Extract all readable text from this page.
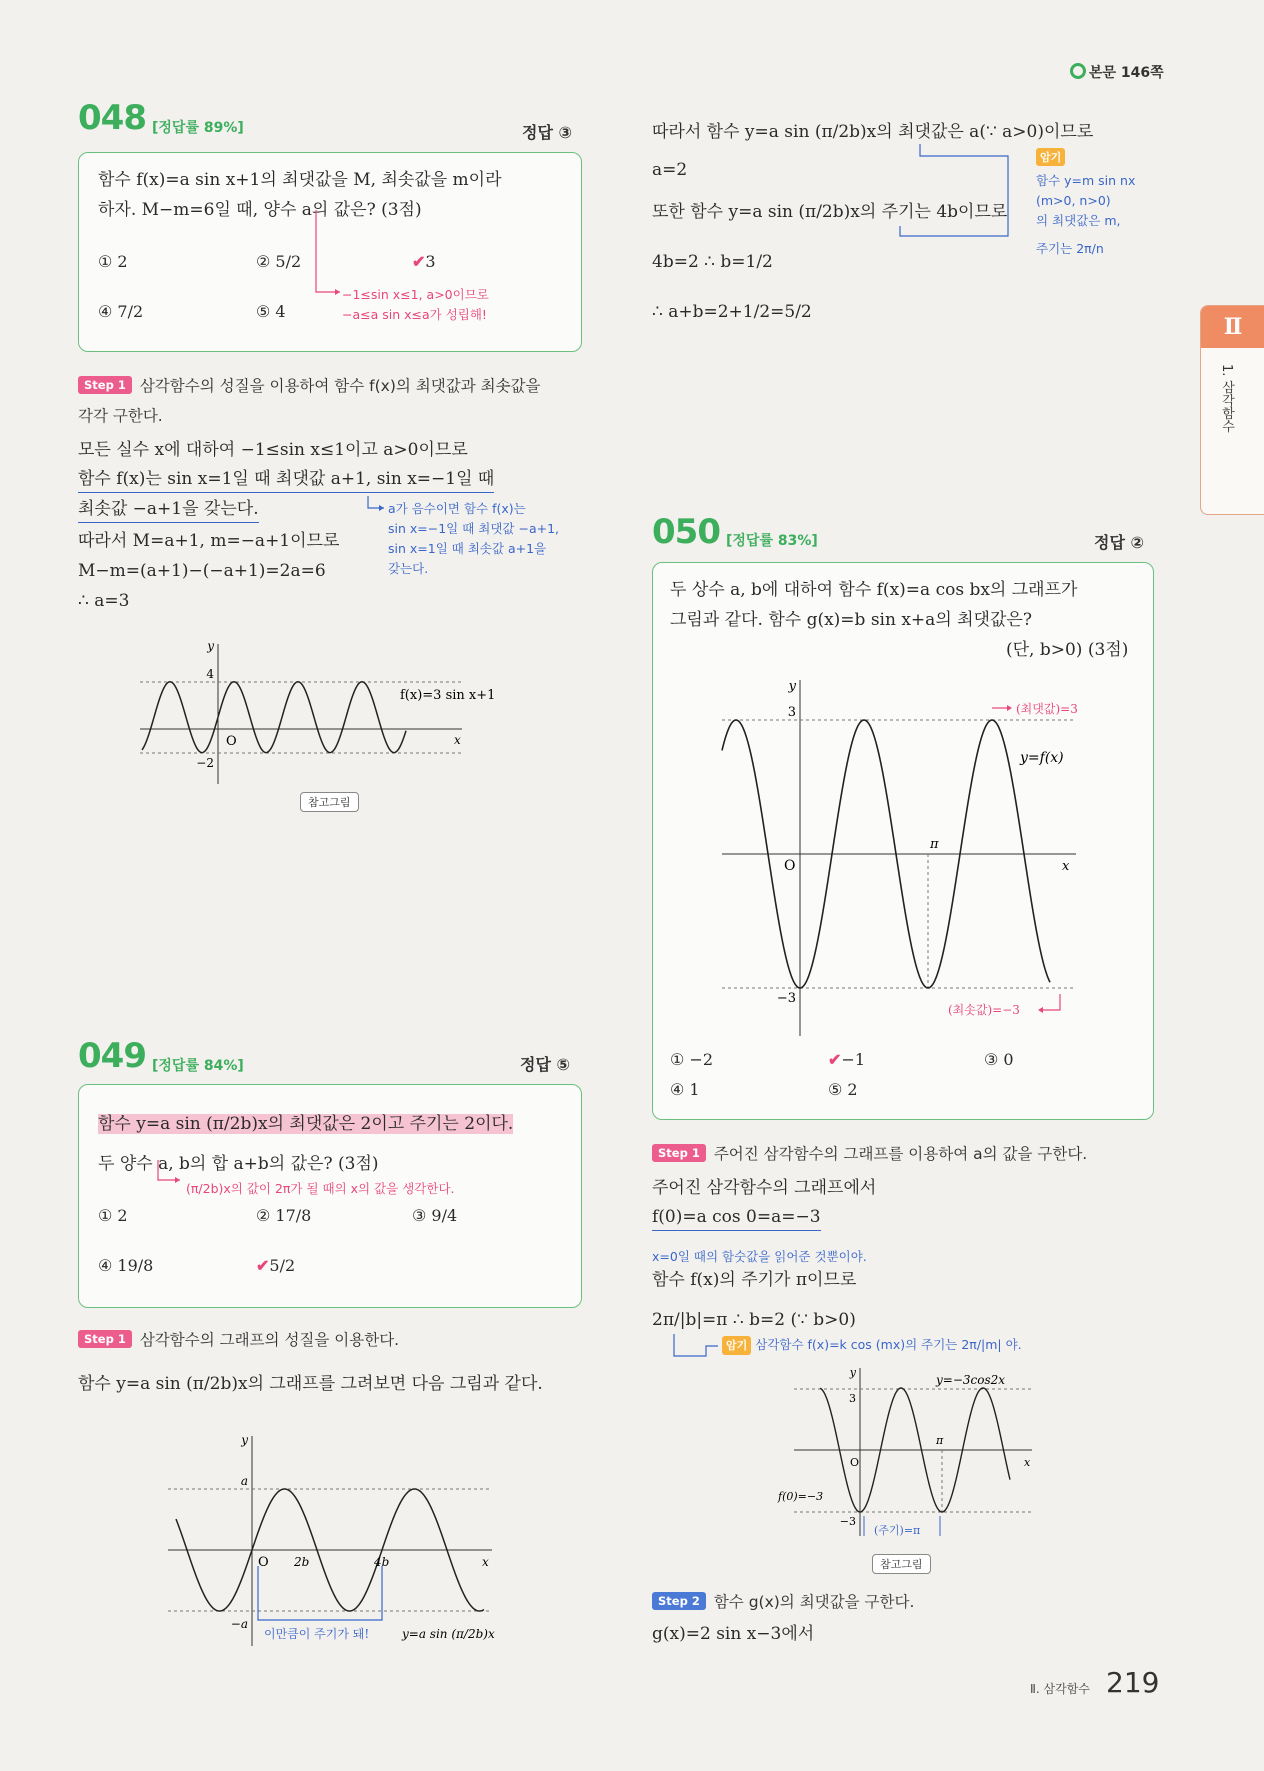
본문 146쪽
Ⅱ
1. 삼각함수
048 [정답률 89%]	정답 ③
함수 f(x)=a sin x+1의 최댓값을 M, 최솟값을 m이라
하자. M−m=6일 때, 양수 a의 값은? (3점)
① 2	② 5/2	✔3
④ 7/2	⑤ 4
−1≤sin x≤1, a>0이므로
−a≤a sin x≤a가 성립해!
Step 1 삼각함수의 성질을 이용하여 함수 f(x)의 최댓값과 최솟값을
각각 구한다.
모든 실수 x에 대하여 −1≤sin x≤1이고 a>0이므로
함수 f(x)는 sin x=1일 때 최댓값 a+1, sin x=−1일 때
최솟값 −a+1을 갖는다.
따라서 M=a+1, m=−a+1이므로
M−m=(a+1)−(−a+1)=2a=6
∴ a=3
a가 음수이면 함수 f(x)는
sin x=−1일 때 최댓값 −a+1,
sin x=1일 때 최솟값 a+1을
갖는다.
y
4
O
−2
x
f(x)=3 sin x+1
참고그림
049 [정답률 84%]	정답 ⑤
함수 y=a sin (π/2b)x의 최댓값은 2이고 주기는 2이다.
두 양수 a, b의 합 a+b의 값은? (3점)
(π/2b)x의 값이 2π가 될 때의 x의 값을 생각한다.
① 2	② 17/8	③ 9/4
④ 19/8	✔5/2
Step 1 삼각함수의 그래프의 성질을 이용한다.
함수 y=a sin (π/2b)x의 그래프를 그려보면 다음 그림과 같다.
y
a
O 2b	4b
−a
x
이만큼이 주기가 돼!	y=a sin (π/2b)x
따라서 함수 y=a sin (π/2b)x의 최댓값은 a(∵ a>0)이므로
a=2
또한 함수 y=a sin (π/2b)x의 주기는 4b이므로
4b=2 ∴ b=1/2
∴ a+b=2+1/2=5/2
암기
함수 y=m sin nx
(m>0, n>0)
의 최댓값은 m,
주기는 2π/n
050 [정답률 83%]	정답 ②
두 상수 a, b에 대하여 함수 f(x)=a cos bx의 그래프가
그림과 같다. 함수 g(x)=b sin x+a의 최댓값은?
(단, b>0) (3점)
y
3
O
π
x
−3
y=f(x)
(최댓값)=3
(최솟값)=−3
① −2	✔−1	③ 0
④ 1	⑤ 2
Step 1 주어진 삼각함수의 그래프를 이용하여 a의 값을 구한다.
주어진 삼각함수의 그래프에서
f(0)=a cos 0=a=−3
x=0일 때의 함숫값을 읽어준 것뿐이야.
함수 f(x)의 주기가 π이므로
2π/|b|=π ∴ b=2 (∵ b>0)
암기 삼각함수 f(x)=k cos (mx)의 주기는 2π/|m| 야.
y
3
O
π
x
−3
y=−3cos2x
f(0)=−3
(주기)=π
참고그림
Step 2 함수 g(x)의 최댓값을 구한다.
g(x)=2 sin x−3에서
Ⅱ. 삼각함수 219
